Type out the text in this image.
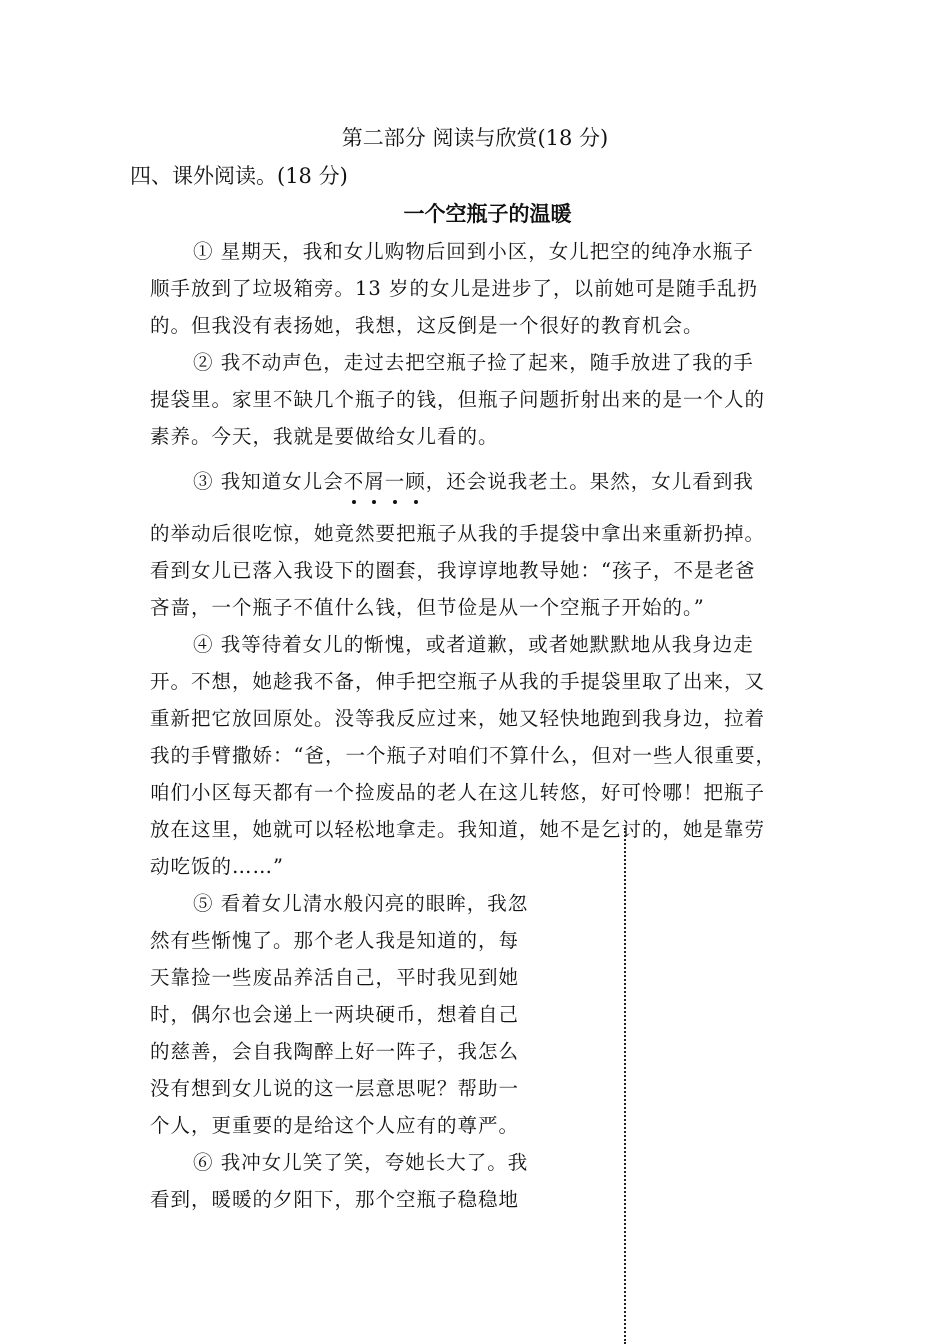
第二部分 阅读与欣赏(18 分)
四、课外阅读。(18 分)
一个空瓶子的温暖
① 星期天，我和女儿购物后回到小区，女儿把空的纯净水瓶子
顺手放到了垃圾箱旁。13 岁的女儿是进步了，以前她可是随手乱扔
的。但我没有表扬她，我想，这反倒是一个很好的教育机会。
② 我不动声色，走过去把空瓶子捡了起来，随手放进了我的手
提袋里。家里不缺几个瓶子的钱，但瓶子问题折射出来的是一个人的
素养。今天，我就是要做给女儿看的。
③ 我知道女儿会不屑一顾，还会说我老土。果然，女儿看到我
的举动后很吃惊，她竟然要把瓶子从我的手提袋中拿出来重新扔掉。
看到女儿已落入我设下的圈套，我谆谆地教导她：“孩子，不是老爸
吝啬，一个瓶子不值什么钱，但节俭是从一个空瓶子开始的。”
④ 我等待着女儿的惭愧，或者道歉，或者她默默地从我身边走
开。不想，她趁我不备，伸手把空瓶子从我的手提袋里取了出来，又
重新把它放回原处。没等我反应过来，她又轻快地跑到我身边，拉着
我的手臂撒娇：“爸，一个瓶子对咱们不算什么，但对一些人很重要，
咱们小区每天都有一个捡废品的老人在这儿转悠，好可怜哪！把瓶子
放在这里，她就可以轻松地拿走。我知道，她不是乞讨的，她是靠劳
动吃饭的……”
⑤ 看着女儿清水般闪亮的眼眸，我忽
然有些惭愧了。那个老人我是知道的，每
天靠捡一些废品养活自己，平时我见到她
时，偶尔也会递上一两块硬币，想着自己
的慈善，会自我陶醉上好一阵子，我怎么
没有想到女儿说的这一层意思呢？帮助一
个人，更重要的是给这个人应有的尊严。
⑥ 我冲女儿笑了笑，夸她长大了。我
看到，暖暖的夕阳下，那个空瓶子稳稳地
